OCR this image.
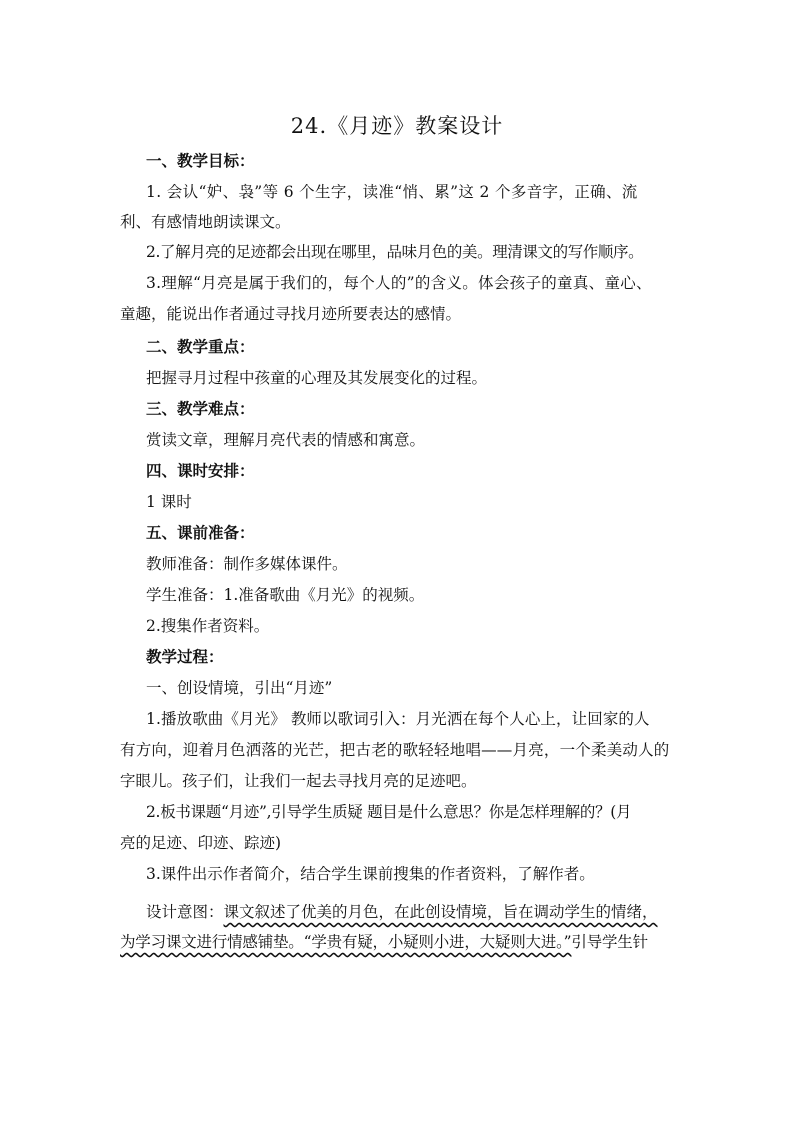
24.《月迹》教案设计
一、教学目标：
1. 会认“妒、袅”等 6 个生字，读准“悄、累”这 2 个多音字，正确、流
利、有感情地朗读课文。
2.了解月亮的足迹都会出现在哪里，品味月色的美。理清课文的写作顺序。
3.理解“月亮是属于我们的，每个人的”的含义。体会孩子的童真、童心、
童趣，能说出作者通过寻找月迹所要表达的感情。
二、教学重点：
把握寻月过程中孩童的心理及其发展变化的过程。
三、教学难点：
赏读文章，理解月亮代表的情感和寓意。
四、课时安排：
1 课时
五、课前准备：
教师准备：制作多媒体课件。
学生准备：1.准备歌曲《月光》的视频。
2.搜集作者资料。
教学过程：
一、创设情境，引出“月迹”
1.播放歌曲《月光》 教师以歌词引入：月光洒在每个人心上，让回家的人
有方向，迎着月色洒落的光芒，把古老的歌轻轻地唱——月亮，一个柔美动人的
字眼儿。孩子们，让我们一起去寻找月亮的足迹吧。
2.板书课题“月迹”,引导学生质疑 题目是什么意思？你是怎样理解的？(月
亮的足迹、印迹、踪迹)
3.课件出示作者简介，结合学生课前搜集的作者资料，了解作者。
设计意图：课文叙述了优美的月色，在此创设情境，旨在调动学生的情绪，
为学习课文进行情感铺垫。“学贵有疑，小疑则小进，大疑则大进。”引导学生针
